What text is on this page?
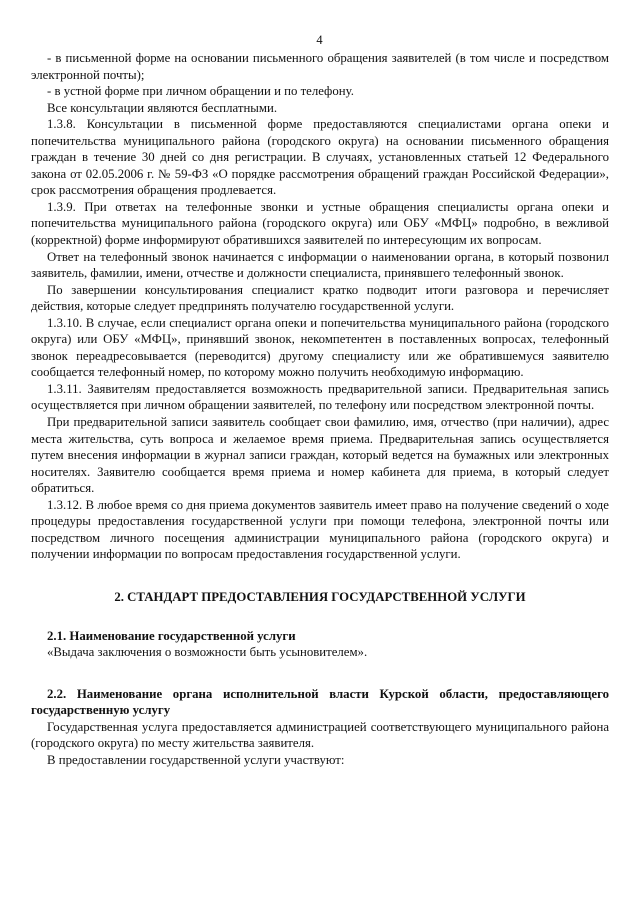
4

- в письменной форме на основании письменного обращения заявителей (в том числе и посредством электронной почты);

- в устной форме при личном обращении и по телефону.

Все консультации являются бесплатными.

1.3.8. Консультации в письменной форме предоставляются специалистами органа опеки и попечительства муниципального района (городского округа) на основании письменного обращения граждан в течение 30 дней со дня регистрации. В случаях, установленных статьей 12 Федерального закона от 02.05.2006 г. № 59-ФЗ «О порядке рассмотрения обращений граждан Российской Федерации», срок рассмотрения обращения продлевается.

1.3.9. При ответах на телефонные звонки и устные обращения специалисты органа опеки и попечительства муниципального района (городского округа) или ОБУ «МФЦ» подробно, в вежливой (корректной) форме информируют обратившихся заявителей по интересующим их вопросам.

Ответ на телефонный звонок начинается с информации о наименовании органа, в который позвонил заявитель, фамилии, имени, отчестве и должности специалиста, принявшего телефонный звонок.

По завершении консультирования специалист кратко подводит итоги разговора и перечисляет действия, которые следует предпринять получателю государственной услуги.

1.3.10. В случае, если специалист органа опеки и попечительства муниципального района (городского округа) или ОБУ «МФЦ», принявший звонок, некомпетентен в поставленных вопросах, телефонный звонок переадресовывается (переводится) другому специалисту или же обратившемуся заявителю сообщается телефонный номер, по которому можно получить необходимую информацию.

1.3.11. Заявителям предоставляется возможность предварительной записи. Предварительная запись осуществляется при личном обращении заявителей, по телефону или посредством электронной почты.

При предварительной записи заявитель сообщает свои фамилию, имя, отчество (при наличии), адрес места жительства, суть вопроса и желаемое время приема. Предварительная запись осуществляется путем внесения информации в журнал записи граждан, который ведется на бумажных или электронных носителях. Заявителю сообщается время приема и номер кабинета для приема, в который следует обратиться.

1.3.12. В любое время со дня приема документов заявитель имеет право на получение сведений о ходе процедуры предоставления государственной услуги при помощи телефона, электронной почты или посредством личного посещения администрации муниципального района (городского округа) и получении информации по вопросам предоставления государственной услуги.

2. СТАНДАРТ ПРЕДОСТАВЛЕНИЯ ГОСУДАРСТВЕННОЙ УСЛУГИ

2.1. Наименование государственной услуги

«Выдача заключения о возможности быть усыновителем».

2.2. Наименование органа исполнительной власти Курской области, предоставляющего государственную услугу

Государственная услуга предоставляется администрацией соответствующего муниципального района (городского округа) по месту жительства заявителя.

В предоставлении государственной услуги участвуют:
